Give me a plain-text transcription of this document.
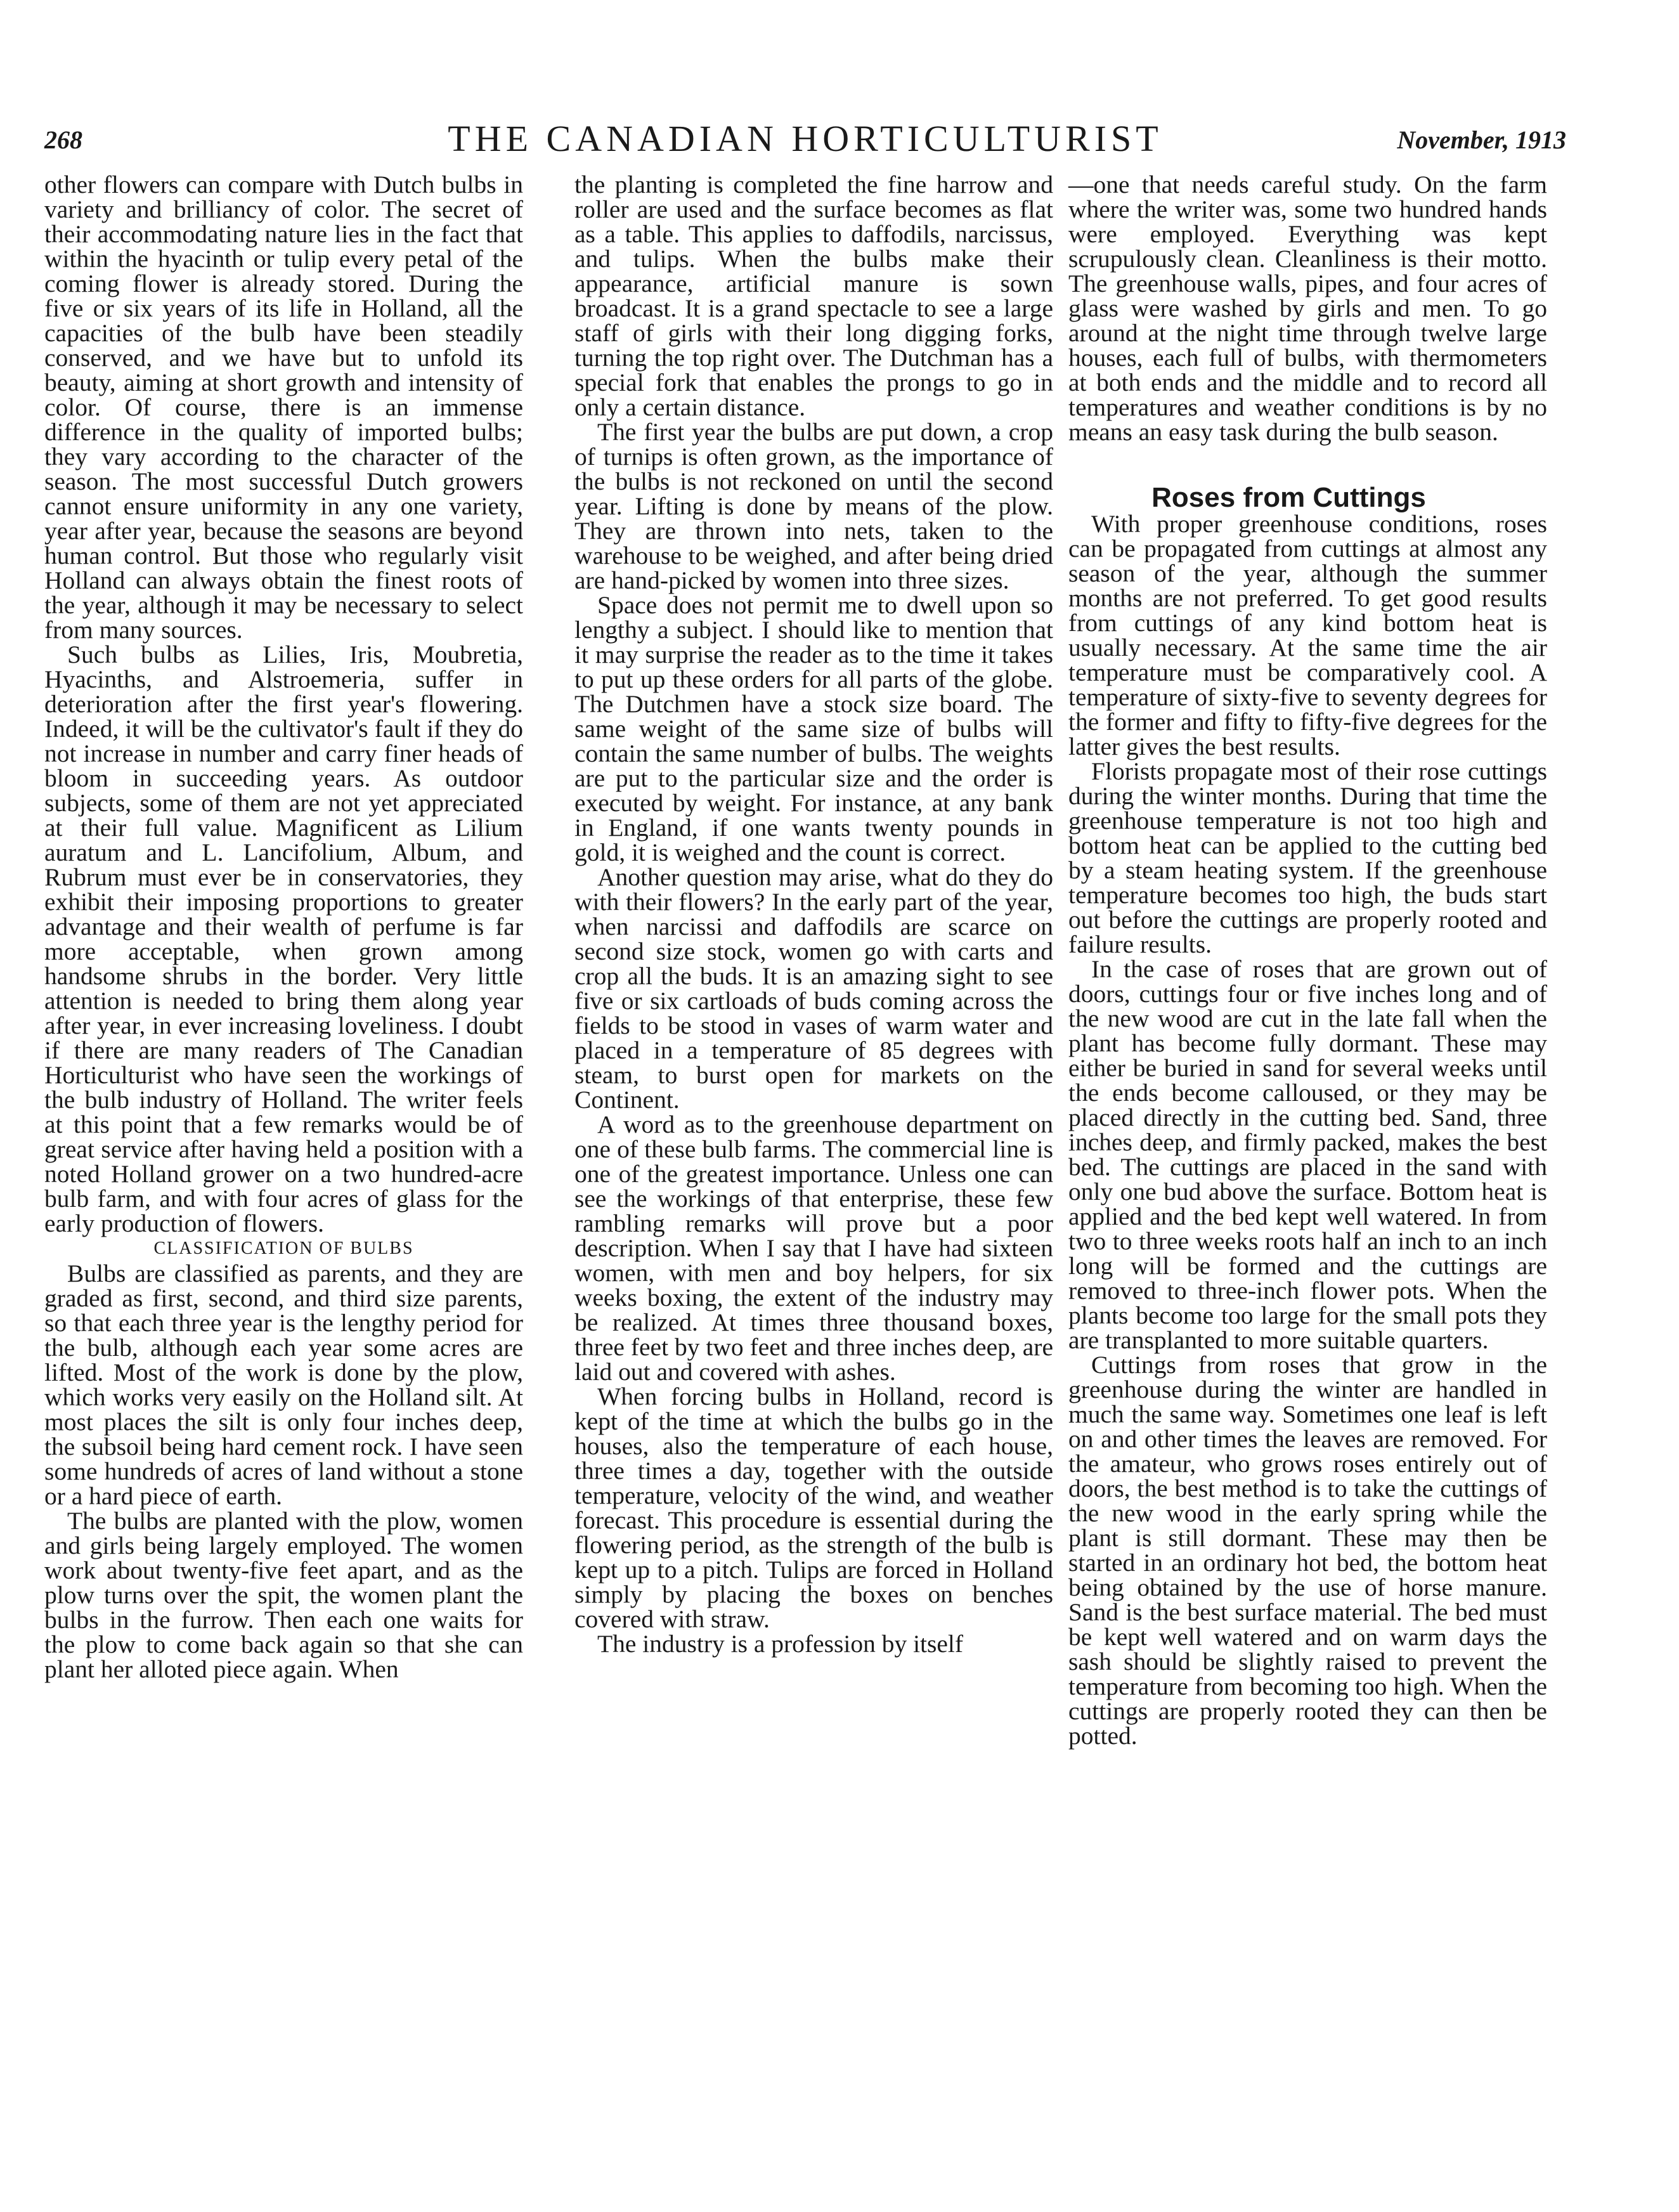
268	THE CANADIAN HORTICULTURIST	November, 1913

other flowers can compare with Dutch bulbs in variety and brilliancy of color. The secret of their accommodating nature lies in the fact that within the hyacinth or tulip every petal of the coming flower is already stored. During the five or six years of its life in Holland, all the capacities of the bulb have been steadily conserved, and we have but to unfold its beauty, aiming at short growth and intensity of color. Of course, there is an immense difference in the quality of imported bulbs; they vary according to the character of the season. The most successful Dutch growers cannot ensure uniformity in any one variety, year after year, because the seasons are beyond human control. But those who regularly visit Holland can always obtain the finest roots of the year, although it may be necessary to select from many sources.

Such bulbs as Lilies, Iris, Moubretia, Hyacinths, and Alstroemeria, suffer in deterioration after the first year's flowering. Indeed, it will be the cultivator's fault if they do not increase in number and carry finer heads of bloom in succeeding years. As outdoor subjects, some of them are not yet appreciated at their full value. Magnificent as Lilium auratum and L. Lancifolium, Album, and Rubrum must ever be in conservatories, they exhibit their imposing proportions to greater advantage and their wealth of perfume is far more acceptable, when grown among handsome shrubs in the border. Very little attention is needed to bring them along year after year, in ever increasing loveliness. I doubt if there are many readers of The Canadian Horticulturist who have seen the workings of the bulb industry of Holland. The writer feels at this point that a few remarks would be of great service after having held a position with a noted Holland grower on a two hundred-acre bulb farm, and with four acres of glass for the early production of flowers.

CLASSIFICATION OF BULBS

Bulbs are classified as parents, and they are graded as first, second, and third size parents, so that each three year is the lengthy period for the bulb, although each year some acres are lifted. Most of the work is done by the plow, which works very easily on the Holland silt. At most places the silt is only four inches deep, the subsoil being hard cement rock. I have seen some hundreds of acres of land without a stone or a hard piece of earth.

The bulbs are planted with the plow, women and girls being largely employed. The women work about twenty-five feet apart, and as the plow turns over the spit, the women plant the bulbs in the furrow. Then each one waits for the plow to come back again so that she can plant her alloted piece again. When

the planting is completed the fine harrow and roller are used and the surface becomes as flat as a table. This applies to daffodils, narcissus, and tulips. When the bulbs make their appearance, artificial manure is sown broadcast. It is a grand spectacle to see a large staff of girls with their long digging forks, turning the top right over. The Dutchman has a special fork that enables the prongs to go in only a certain distance.

The first year the bulbs are put down, a crop of turnips is often grown, as the importance of the bulbs is not reckoned on until the second year. Lifting is done by means of the plow. They are thrown into nets, taken to the warehouse to be weighed, and after being dried are hand-picked by women into three sizes.

Space does not permit me to dwell upon so lengthy a subject. I should like to mention that it may surprise the reader as to the time it takes to put up these orders for all parts of the globe. The Dutchmen have a stock size board. The same weight of the same size of bulbs will contain the same number of bulbs. The weights are put to the particular size and the order is executed by weight. For instance, at any bank in England, if one wants twenty pounds in gold, it is weighed and the count is correct.

Another question may arise, what do they do with their flowers? In the early part of the year, when narcissi and daffodils are scarce on second size stock, women go with carts and crop all the buds. It is an amazing sight to see five or six cartloads of buds coming across the fields to be stood in vases of warm water and placed in a temperature of 85 degrees with steam, to burst open for markets on the Continent.

A word as to the greenhouse department on one of these bulb farms. The commercial line is one of the greatest importance. Unless one can see the workings of that enterprise, these few rambling remarks will prove but a poor description. When I say that I have had sixteen women, with men and boy helpers, for six weeks boxing, the extent of the industry may be realized. At times three thousand boxes, three feet by two feet and three inches deep, are laid out and covered with ashes.

When forcing bulbs in Holland, record is kept of the time at which the bulbs go in the houses, also the temperature of each house, three times a day, together with the outside temperature, velocity of the wind, and weather forecast. This procedure is essential during the flowering period, as the strength of the bulb is kept up to a pitch. Tulips are forced in Holland simply by placing the boxes on benches covered with straw.

The industry is a profession by itself

—one that needs careful study. On the farm where the writer was, some two hundred hands were employed. Everything was kept scrupulously clean. Cleanliness is their motto. The greenhouse walls, pipes, and four acres of glass were washed by girls and men. To go around at the night time through twelve large houses, each full of bulbs, with thermometers at both ends and the middle and to record all temperatures and weather conditions is by no means an easy task during the bulb season.

Roses from Cuttings

With proper greenhouse conditions, roses can be propagated from cuttings at almost any season of the year, although the summer months are not preferred. To get good results from cuttings of any kind bottom heat is usually necessary. At the same time the air temperature must be comparatively cool. A temperature of sixty-five to seventy degrees for the former and fifty to fifty-five degrees for the latter gives the best results.

Florists propagate most of their rose cuttings during the winter months. During that time the greenhouse temperature is not too high and bottom heat can be applied to the cutting bed by a steam heating system. If the greenhouse temperature becomes too high, the buds start out before the cuttings are properly rooted and failure results.

In the case of roses that are grown out of doors, cuttings four or five inches long and of the new wood are cut in the late fall when the plant has become fully dormant. These may either be buried in sand for several weeks until the ends become calloused, or they may be placed directly in the cutting bed. Sand, three inches deep, and firmly packed, makes the best bed. The cuttings are placed in the sand with only one bud above the surface. Bottom heat is applied and the bed kept well watered. In from two to three weeks roots half an inch to an inch long will be formed and the cuttings are removed to three-inch flower pots. When the plants become too large for the small pots they are transplanted to more suitable quarters.

Cuttings from roses that grow in the greenhouse during the winter are handled in much the same way. Sometimes one leaf is left on and other times the leaves are removed. For the amateur, who grows roses entirely out of doors, the best method is to take the cuttings of the new wood in the early spring while the plant is still dormant. These may then be started in an ordinary hot bed, the bottom heat being obtained by the use of horse manure. Sand is the best surface material. The bed must be kept well watered and on warm days the sash should be slightly raised to prevent the temperature from becoming too high. When the cuttings are properly rooted they can then be potted.
